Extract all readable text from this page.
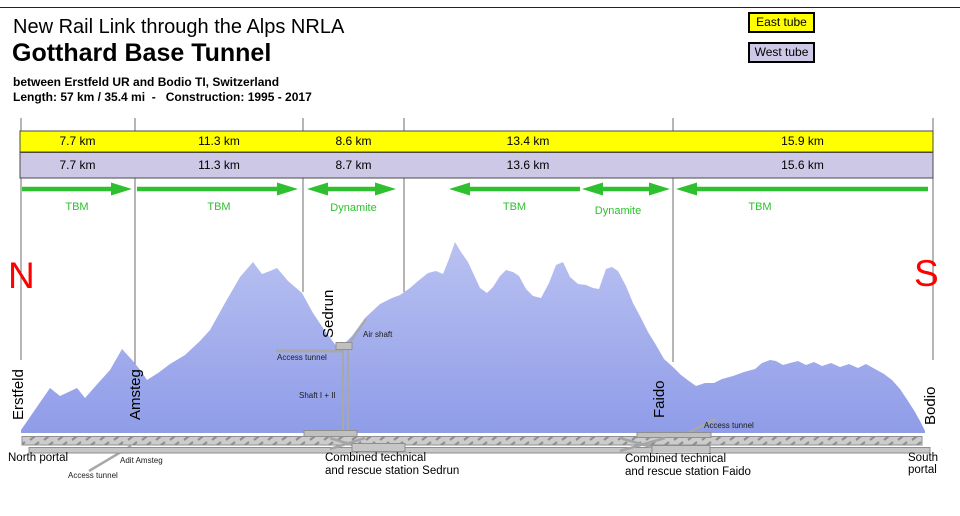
New Rail Link through the Alps NRLA
Gotthard Base Tunnel
between Erstfeld UR and Bodio TI, Switzerland
Length: 57 km / 35.4 mi  -   Construction: 1995 - 2017
East tube
West tube
7.7 km	11.3 km	8.6 km	13.4 km	15.9 km
7.7 km	11.3 km	8.7 km	13.6 km	15.6 km
TBM	TBM	Dynamite	TBM	Dynamite	TBM
N	S
Erstfeld	Amsteg
Sedrun
Faido	Bodio
North portal	South portal
Access tunnel
Adit Amsteg
Shaft I + II
Access tunnel
Air shaft
Access tunnel
Combined technical
and rescue station Sedrun
Combined technical
and rescue station Faido
